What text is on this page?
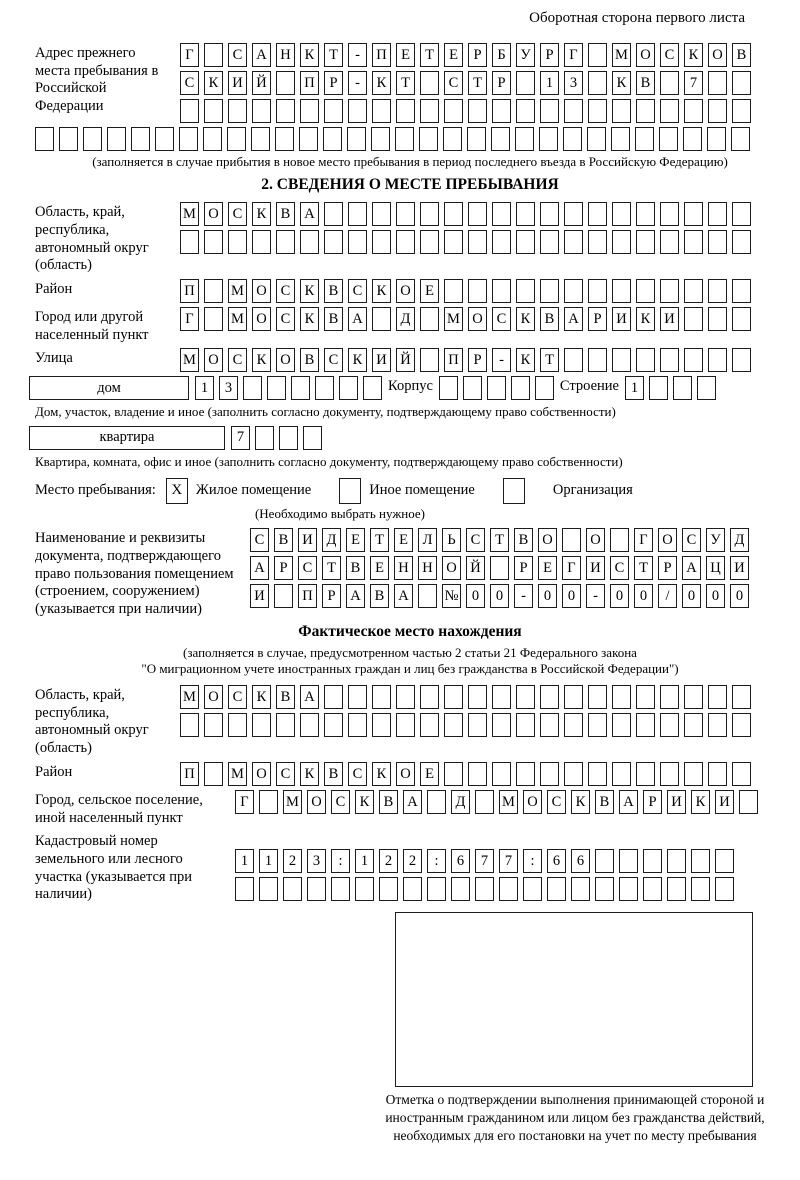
Оборотная сторона первого листа
Адрес прежнего места пребывания в Российской Федерации
Г	С А Н К	Т	-	П Е	Т	Е	Р	Б	У	Р	Г	М О С К О В
С К И Й	П	Р	-	К	Т	С	Т	Р	1	3	К В	7
(заполняется в случае прибытия в новое место пребывания в период последнего въезда в Российскую Федерацию)
2. СВЕДЕНИЯ О МЕСТЕ ПРЕБЫВАНИЯ
Область, край, республика, автономный округ (область)
М О С К В А
Район	П	М О С К В С К О Е
Город или другой населенный пункт
Г	М О С К В А	Д	М О С К В А	Р	И К И
Улица	М О С К О В С К И Й	П	Р	-	К	Т
дом	1	3	Корпус	Строение 1
Дом, участок, владение и иное (заполнить согласно документу, подтверждающему право собственности)
квартира	7
Квартира, комната, офис и иное (заполнить согласно документу, подтверждающему право собственности)
Место пребывания:	X Жилое помещение	Иное помещение	Организация
(Необходимо выбрать нужное)
Наименование и реквизиты документа, подтверждающего право пользования помещением (строением, сооружением) (указывается при наличии)
С В И Д	Е	Т	Е	Л	Ь	С	Т	В О	О	Г	О С У Д
А	Р	С	Т	В	Е Н Н О Й	Р	Е	Г	И С	Т	Р	А Ц И
И	П	Р	А В А № 0	0	-	0	0	-	0	0	/	0	0	0
Фактическое место нахождения
(заполняется в случае, предусмотренном частью 2 статьи 21 Федерального закона
"О миграционном учете иностранных граждан и лиц без гражданства в Российской Федерации")
Область, край, республика, автономный округ (область)
М О С К В А
Район	П	М О С К В С К О Е
Город, сельское поселение, иной населенный пункт
Г	М О С К В А	Д	М О С К В А	Р	И К И
Кадастровый номер земельного или лесного участка (указывается при наличии)
1	1	2	3	:	1	2	2	:	6	7	7	:	6	6
Отметка о подтверждении выполнения принимающей стороной и иностранным гражданином или лицом без гражданства действий, необходимых для его постановки на учет по месту пребывания
